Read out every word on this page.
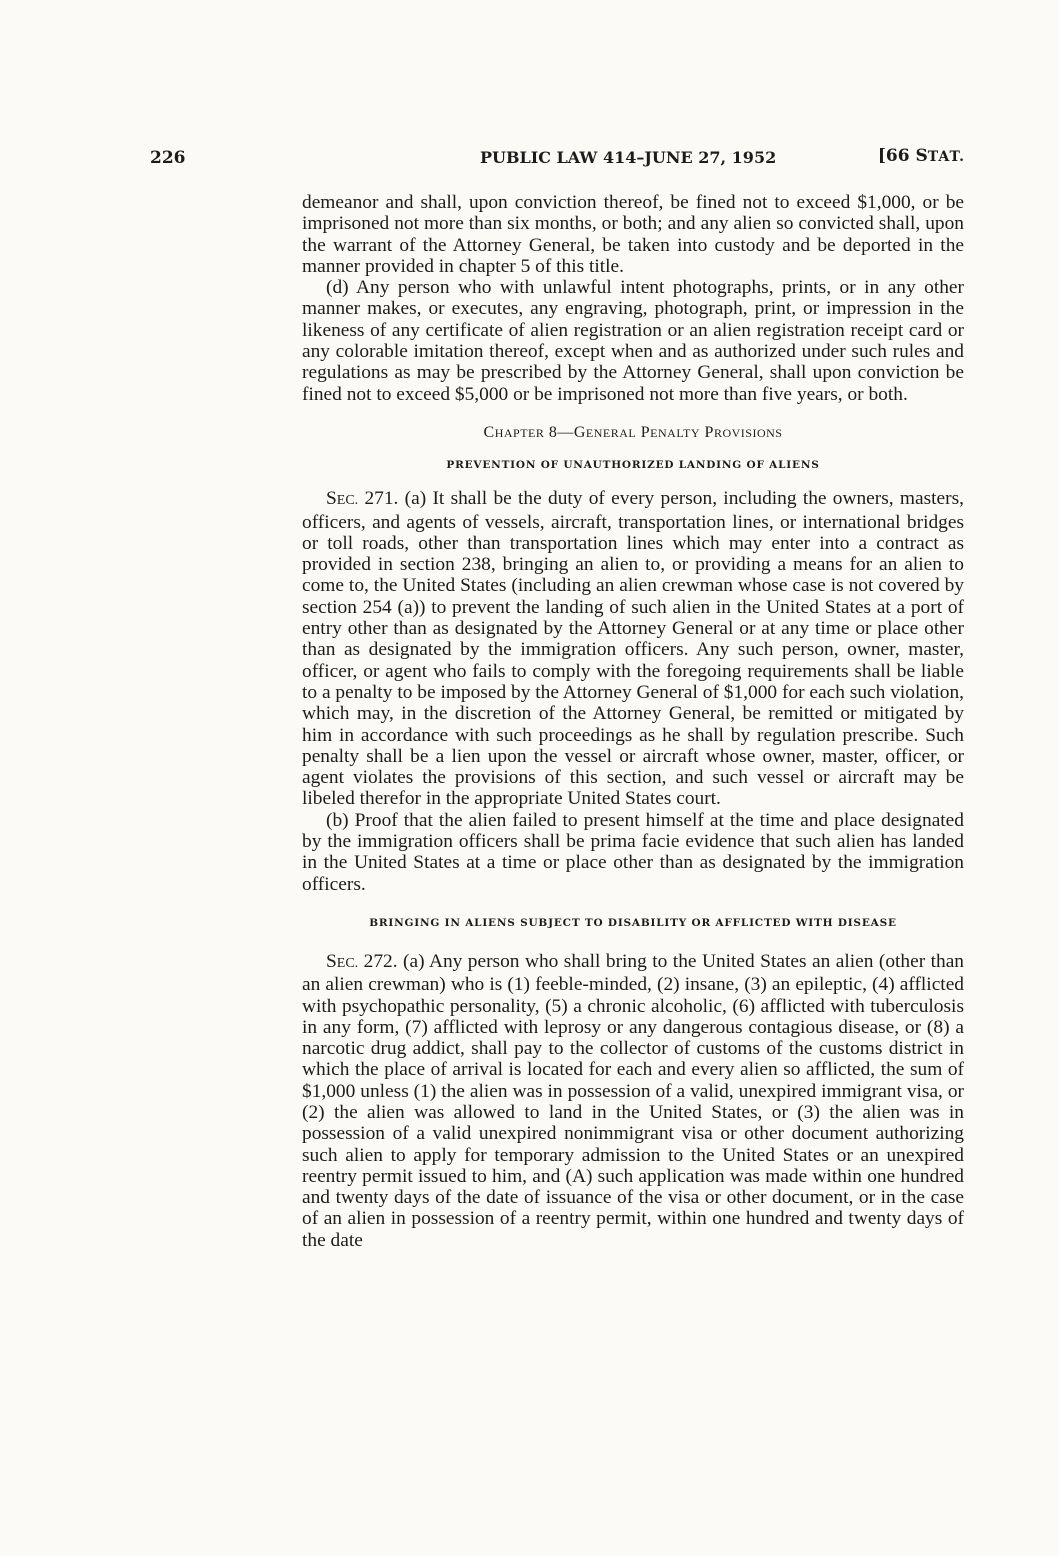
226	PUBLIC LAW 414–JUNE 27, 1952	[66 STAT.

demeanor and shall, upon conviction thereof, be fined not to exceed $1,000, or be imprisoned not more than six months, or both; and any alien so convicted shall, upon the warrant of the Attorney General, be taken into custody and be deported in the manner provided in chapter 5 of this title.

(d) Any person who with unlawful intent photographs, prints, or in any other manner makes, or executes, any engraving, photograph, print, or impression in the likeness of any certificate of alien registration or an alien registration receipt card or any colorable imitation thereof, except when and as authorized under such rules and regulations as may be prescribed by the Attorney General, shall upon conviction be fined not to exceed $5,000 or be imprisoned not more than five years, or both.

CHAPTER 8—GENERAL PENALTY PROVISIONS
PREVENTION OF UNAUTHORIZED LANDING OF ALIENS

SEC. 271. (a) It shall be the duty of every person, including the owners, masters, officers, and agents of vessels, aircraft, transportation lines, or international bridges or toll roads, other than transportation lines which may enter into a contract as provided in section 238, bringing an alien to, or providing a means for an alien to come to, the United States (including an alien crewman whose case is not covered by section 254 (a)) to prevent the landing of such alien in the United States at a port of entry other than as designated by the Attorney General or at any time or place other than as designated by the immigration officers. Any such person, owner, master, officer, or agent who fails to comply with the foregoing requirements shall be liable to a penalty to be imposed by the Attorney General of $1,000 for each such violation, which may, in the discretion of the Attorney General, be remitted or mitigated by him in accordance with such proceedings as he shall by regulation prescribe. Such penalty shall be a lien upon the vessel or aircraft whose owner, master, officer, or agent violates the provisions of this section, and such vessel or aircraft may be libeled therefor in the appropriate United States court.

(b) Proof that the alien failed to present himself at the time and place designated by the immigration officers shall be prima facie evidence that such alien has landed in the United States at a time or place other than as designated by the immigration officers.

BRINGING IN ALIENS SUBJECT TO DISABILITY OR AFFLICTED WITH DISEASE

SEC. 272. (a) Any person who shall bring to the United States an alien (other than an alien crewman) who is (1) feeble-minded, (2) insane, (3) an epileptic, (4) afflicted with psychopathic personality, (5) a chronic alcoholic, (6) afflicted with tuberculosis in any form, (7) afflicted with leprosy or any dangerous contagious disease, or (8) a narcotic drug addict, shall pay to the collector of customs of the customs district in which the place of arrival is located for each and every alien so afflicted, the sum of $1,000 unless (1) the alien was in possession of a valid, unexpired immigrant visa, or (2) the alien was allowed to land in the United States, or (3) the alien was in possession of a valid unexpired nonimmigrant visa or other document authorizing such alien to apply for temporary admission to the United States or an unexpired reentry permit issued to him, and (A) such application was made within one hundred and twenty days of the date of issuance of the visa or other document, or in the case of an alien in possession of a reentry permit, within one hundred and twenty days of the date
